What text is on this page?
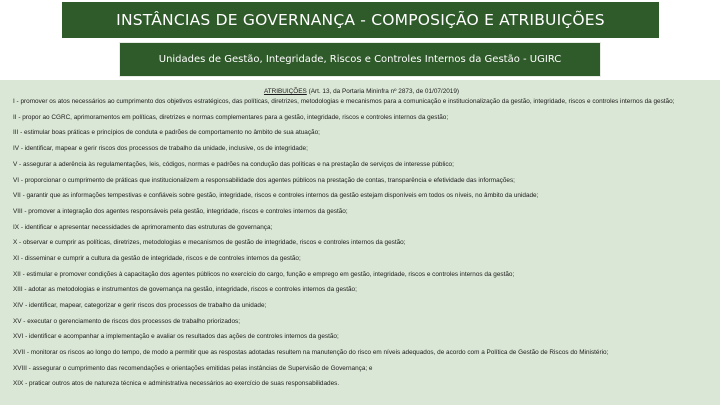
INSTÂNCIAS DE GOVERNANÇA - COMPOSIÇÃO E ATRIBUIÇÕES
Unidades de Gestão, Integridade, Riscos e Controles Internos da Gestão - UGIRC
ATRIBUIÇÕES (Art. 13, da Portaria Mininfra nº 2873, de 01/07/2019)
I - promover os atos necessários ao cumprimento dos objetivos estratégicos, das políticas, diretrizes, metodologias e mecanismos para a comunicação e institucionalização da gestão, integridade, riscos e controles internos da gestão;
II - propor ao CGRC, aprimoramentos em políticas, diretrizes e normas complementares para a gestão, integridade, riscos e controles internos da gestão;
III - estimular boas práticas e princípios de conduta e padrões de comportamento no âmbito de sua atuação;
IV - identificar, mapear e gerir riscos dos processos de trabalho da unidade, inclusive, os de integridade;
V - assegurar a aderência às regulamentações, leis, códigos, normas e padrões na condução das políticas e na prestação de serviços de interesse público;
VI - proporcionar o cumprimento de práticas que institucionalizem a responsabilidade dos agentes públicos na prestação de contas, transparência e efetividade das informações;
VII - garantir que as informações tempestivas e confiáveis sobre gestão, integridade, riscos e controles internos da gestão estejam disponíveis em todos os níveis, no âmbito da unidade;
VIII - promover a integração dos agentes responsáveis pela gestão, integridade, riscos e controles internos da gestão;
IX - identificar e apresentar necessidades de aprimoramento das estruturas de governança;
X - observar e cumprir as políticas, diretrizes, metodologias e mecanismos de gestão de integridade, riscos e controles internos da gestão;
XI - disseminar e cumprir a cultura da gestão de integridade, riscos e de controles internos da gestão;
XII - estimular e promover condições à capacitação dos agentes públicos no exercício do cargo, função e emprego em gestão, integridade, riscos e controles internos da gestão;
XIII - adotar as metodologias e instrumentos de governança na gestão, integridade, riscos e controles internos da gestão;
XIV - identificar, mapear, categorizar e gerir riscos dos processos de trabalho da unidade;
XV - executar o gerenciamento de riscos dos processos de trabalho priorizados;
XVI - identificar e acompanhar a implementação e avaliar os resultados das ações de controles internos da gestão;
XVII - monitorar os riscos ao longo do tempo, de modo a permitir que as respostas adotadas resultem na manutenção do risco em níveis adequados, de acordo com a Política de Gestão de Riscos do Ministério;
XVIII - assegurar o cumprimento das recomendações e orientações emitidas pelas instâncias de Supervisão de Governança; e
XIX - praticar outros atos de natureza técnica e administrativa necessários ao exercício de suas responsabilidades.
